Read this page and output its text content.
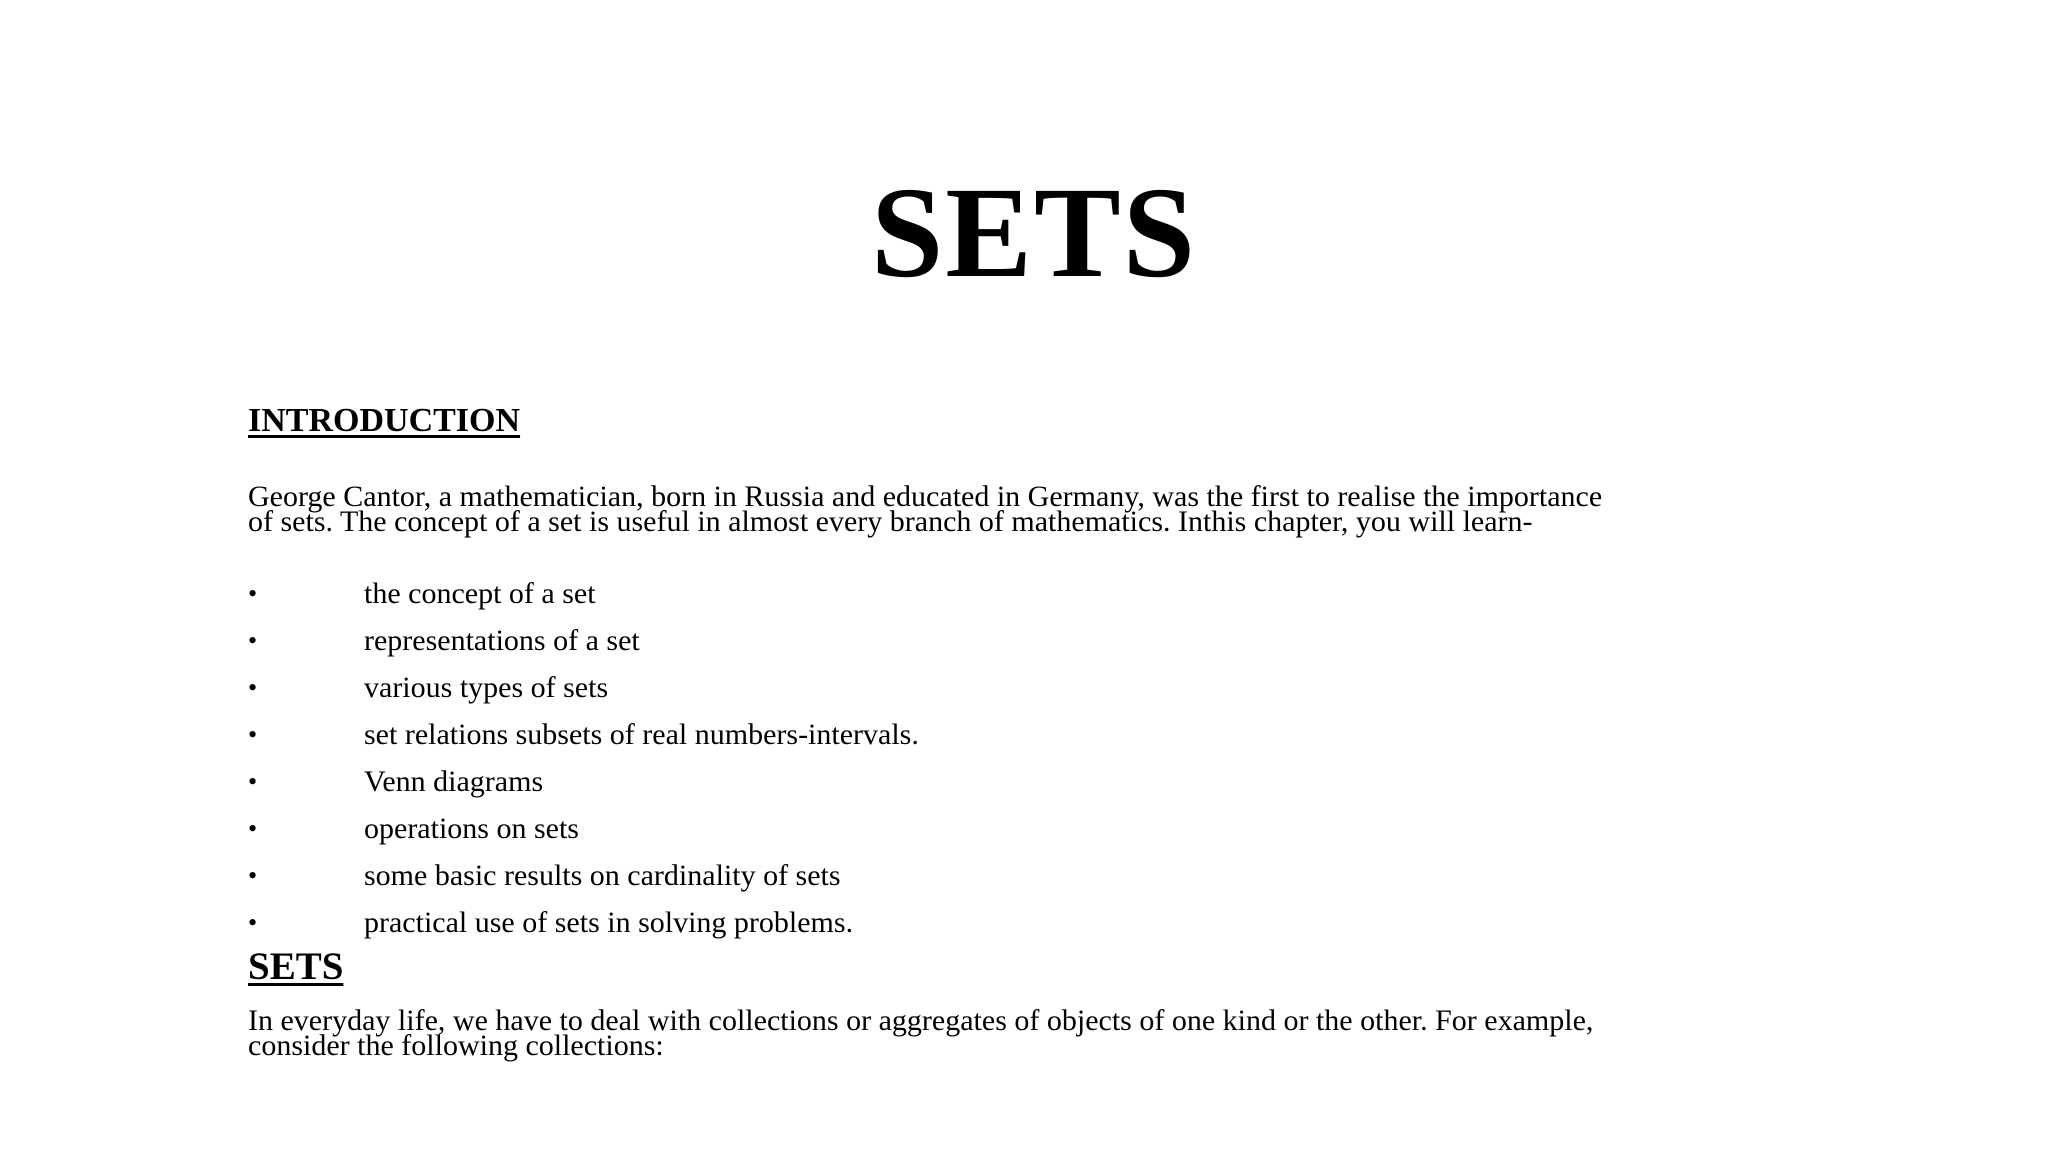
SETS
INTRODUCTION

George Cantor, a mathematician, born in Russia and educated in Germany, was the first to realise the importance
of sets. The concept of a set is useful in almost every branch of mathematics. Inthis chapter, you will learn-

•	the concept of a set
•	representations of a set
•	various types of sets
•	set relations subsets of real numbers-intervals.
•	Venn diagrams
•	operations on sets
•	some basic results on cardinality of sets
•	practical use of sets in solving problems.
SETS

In everyday life, we have to deal with collections or aggregates of objects of one kind or the other. For example,
consider the following collections:
